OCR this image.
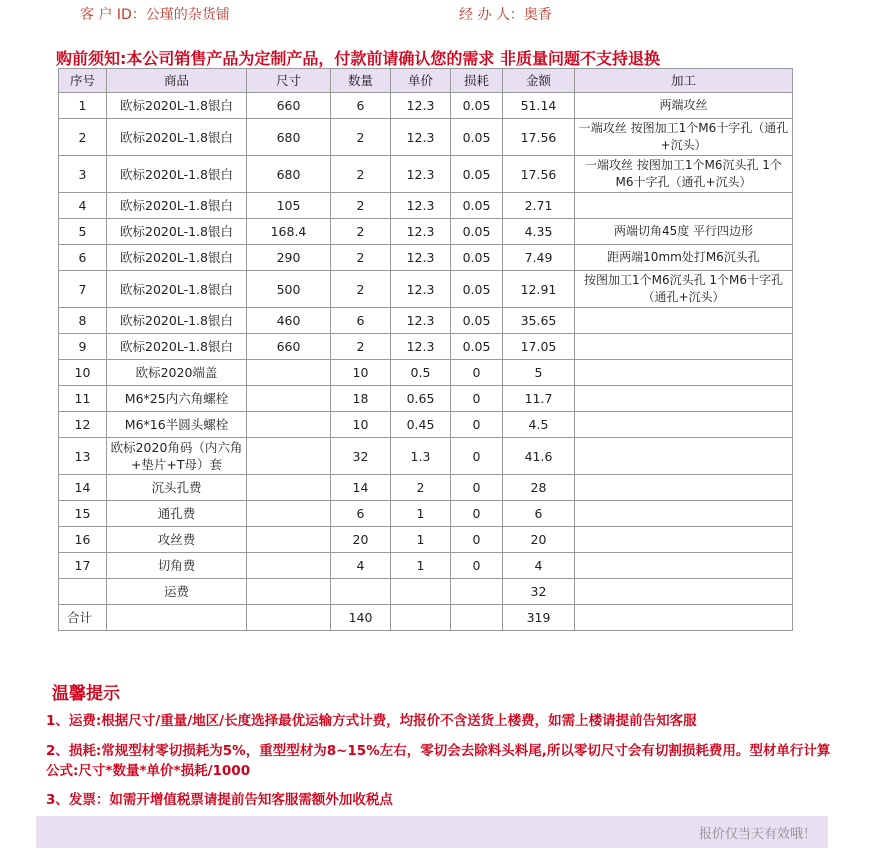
客 户 ID：公瑾的杂货铺	经 办 人：奥香
购前须知:本公司销售产品为定制产品，付款前请确认您的需求 非质量问题不支持退换
序号	商品	尺寸	数量	单价	损耗	金额	加工
1	欧标2020L-1.8银白	660	6	12.3	0.05	51.14	两端攻丝
2	欧标2020L-1.8银白	680	2	12.3	0.05	17.56	一端攻丝 按图加工1个M6十字孔（通孔+沉头）
3	欧标2020L-1.8银白	680	2	12.3	0.05	17.56	一端攻丝 按图加工1个M6沉头孔 1个M6十字孔（通孔+沉头）
4	欧标2020L-1.8银白	105	2	12.3	0.05	2.71	
5	欧标2020L-1.8银白	168.4	2	12.3	0.05	4.35	两端切角45度 平行四边形
6	欧标2020L-1.8银白	290	2	12.3	0.05	7.49	距两端10mm处打M6沉头孔
7	欧标2020L-1.8银白	500	2	12.3	0.05	12.91	按图加工1个M6沉头孔 1个M6十字孔（通孔+沉头）
8	欧标2020L-1.8银白	460	6	12.3	0.05	35.65	
9	欧标2020L-1.8银白	660	2	12.3	0.05	17.05	
10	欧标2020端盖		10	0.5	0	5	
11	M6*25内六角螺栓		18	0.65	0	11.7	
12	M6*16半圆头螺栓		10	0.45	0	4.5	
13	欧标2020角码（内六角+垫片+T母）套		32	1.3	0	41.6	
14	沉头孔费		14	2	0	28	
15	通孔费		6	1	0	6	
16	攻丝费		20	1	0	20	
17	切角费		4	1	0	4	
	运费					32	
合计			140			319	
温馨提示
1、运费:根据尺寸/重量/地区/长度选择最优运输方式计费，均报价不含送货上楼费，如需上楼请提前告知客服
2、损耗:常规型材零切损耗为5%，重型型材为8~15%左右，零切会去除料头料尾,所以零切尺寸会有切割损耗费用。型材单行计算公式:尺寸*数量*单价*损耗/1000
3、发票：如需开增值税票请提前告知客服需额外加收税点
报价仅当天有效哦！
